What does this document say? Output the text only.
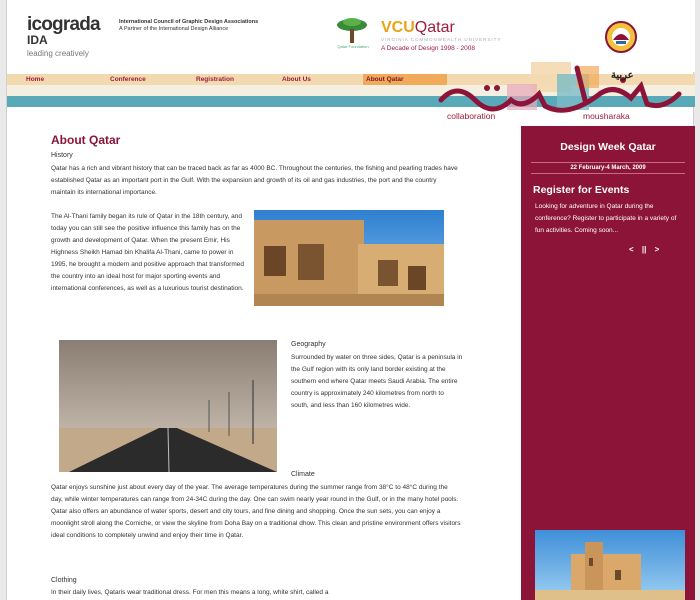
icograda
IDA
leading creatively
International Council of Graphic Design Associations
A Partner of the International Design Alliance
Qatar Foundation
VCUQatar
VIRGINIA COMMONWEALTH UNIVERSITY
A Decade of Design 1998 - 2008
Home	Conference	Registration	About Us	About Qatar	عربية
collaboration	mousharaka
Design Week Qatar
22 February-4 March, 2009
Register for Events
Looking for adventure in Qatar during the conference? Register to participate in a variety of fun activities. Coming soon...
< || >
About Qatar
History
Qatar has a rich and vibrant history that can be traced back as far as 4000 BC. Throughout the centuries, the fishing and pearling trades have established Qatar as an important port in the Gulf. With the expansion and growth of its oil and gas industries, the port and the country maintain its international importance.
The Al-Thani family began its rule of Qatar in the 18th century, and today you can still see the positive influence this family has on the growth and development of Qatar. When the present Emir, His Highness Sheikh Hamad bin Khalifa Al-Thani, came to power in 1995, he brought a modern and positive approach that transformed the country into an ideal host for major sporting events and international conferences, as well as a luxurious tourist destination.
Geography
Surrounded by water on three sides, Qatar is a peninsula in the Gulf region with its only land border existing at the southern end where Qatar meets Saudi Arabia. The entire country is approximately 240 kilometres from north to south, and less than 160 kilometres wide.
Climate
Qatar enjoys sunshine just about every day of the year. The average temperatures during the summer range from 38°C to 48°C during the day, while winter temperatures can range from 24-34C during the day. One can swim nearly year round in the Gulf, or in the many hotel pools. Qatar also offers an abundance of water sports, desert and city tours, and fine dining and shopping. Once the sun sets, you can enjoy a moonlight stroll along the Corniche, or view the skyline from Doha Bay on a traditional dhow. This clean and pristine environment offers visitors ideal conditions to completely unwind and enjoy their time in Qatar.
Clothing
In their daily lives, Qataris wear traditional dress. For men this means a long, white shirt, called a
